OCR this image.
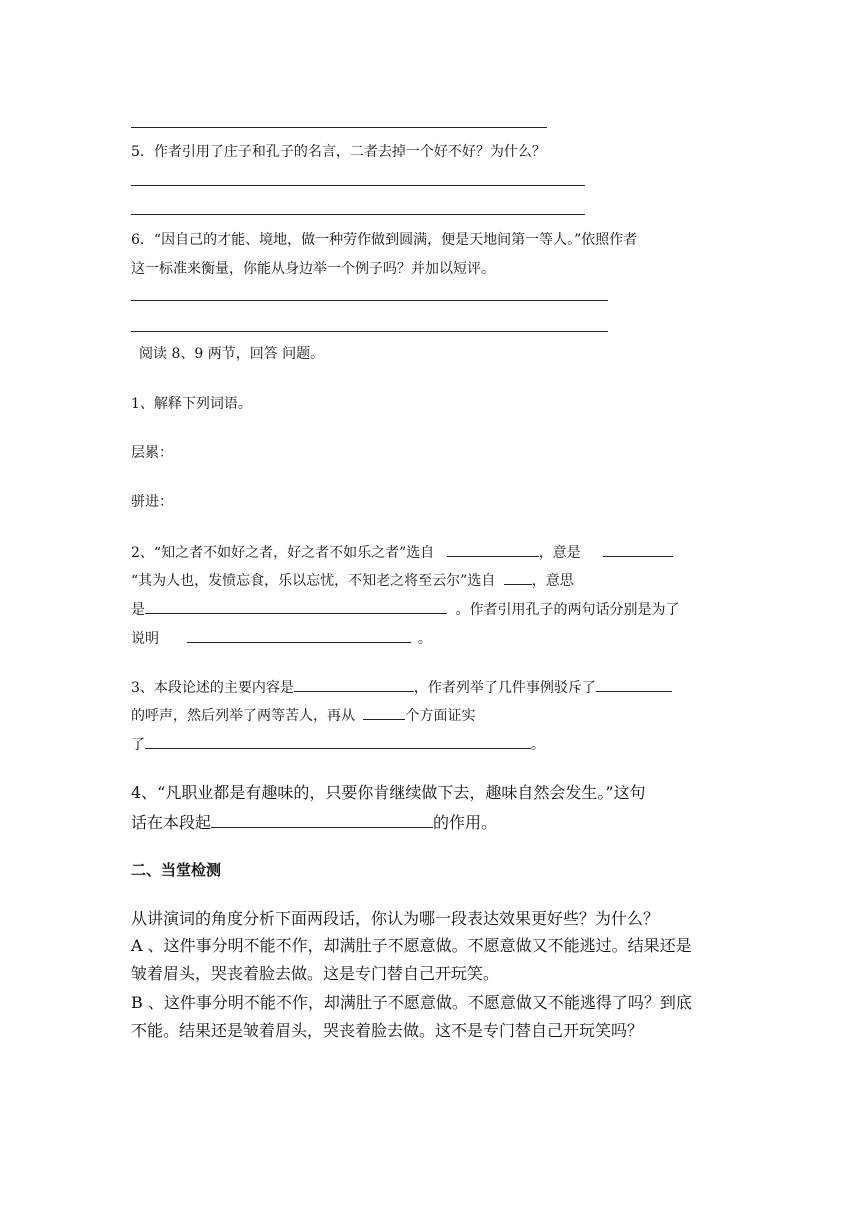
5．作者引用了庄子和孔子的名言，二者去掉一个好不好？为什么？
6．“因自己的才能、境地，做一种劳作做到圆满，便是天地间第一等人。”依照作者
这一标准来衡量，你能从身边举一个例子吗？并加以短评。
阅读 8、9 两节，回答 问题。
1、解释下列词语。
层累：
骈进：
2、“知之者不如好之者，好之者不如乐之者”选自	，意是
“其为人也，发愤忘食，乐以忘忧，不知老之将至云尔”选自	，意思
是	。作者引用孔子的两句话分别是为了
说明	。
3、本段论述的主要内容是	，作者列举了几件事例驳斥了
的呼声，然后列举了两等苦人，再从	个方面证实
了	。
4、“凡职业都是有趣味的，只要你肯继续做下去，趣味自然会发生。”这句
话在本段起	的作用。
二、当堂检测
从讲演词的角度分析下面两段话，你认为哪一段表达效果更好些？为什么？
A 、这件事分明不能不作，却满肚子不愿意做。不愿意做又不能逃过。结果还是
皱着眉头，哭丧着脸去做。这是专门替自己开玩笑。
B 、这件事分明不能不作，却满肚子不愿意做。不愿意做又不能逃得了吗？到底
不能。结果还是皱着眉头，哭丧着脸去做。这不是专门替自己开玩笑吗？
